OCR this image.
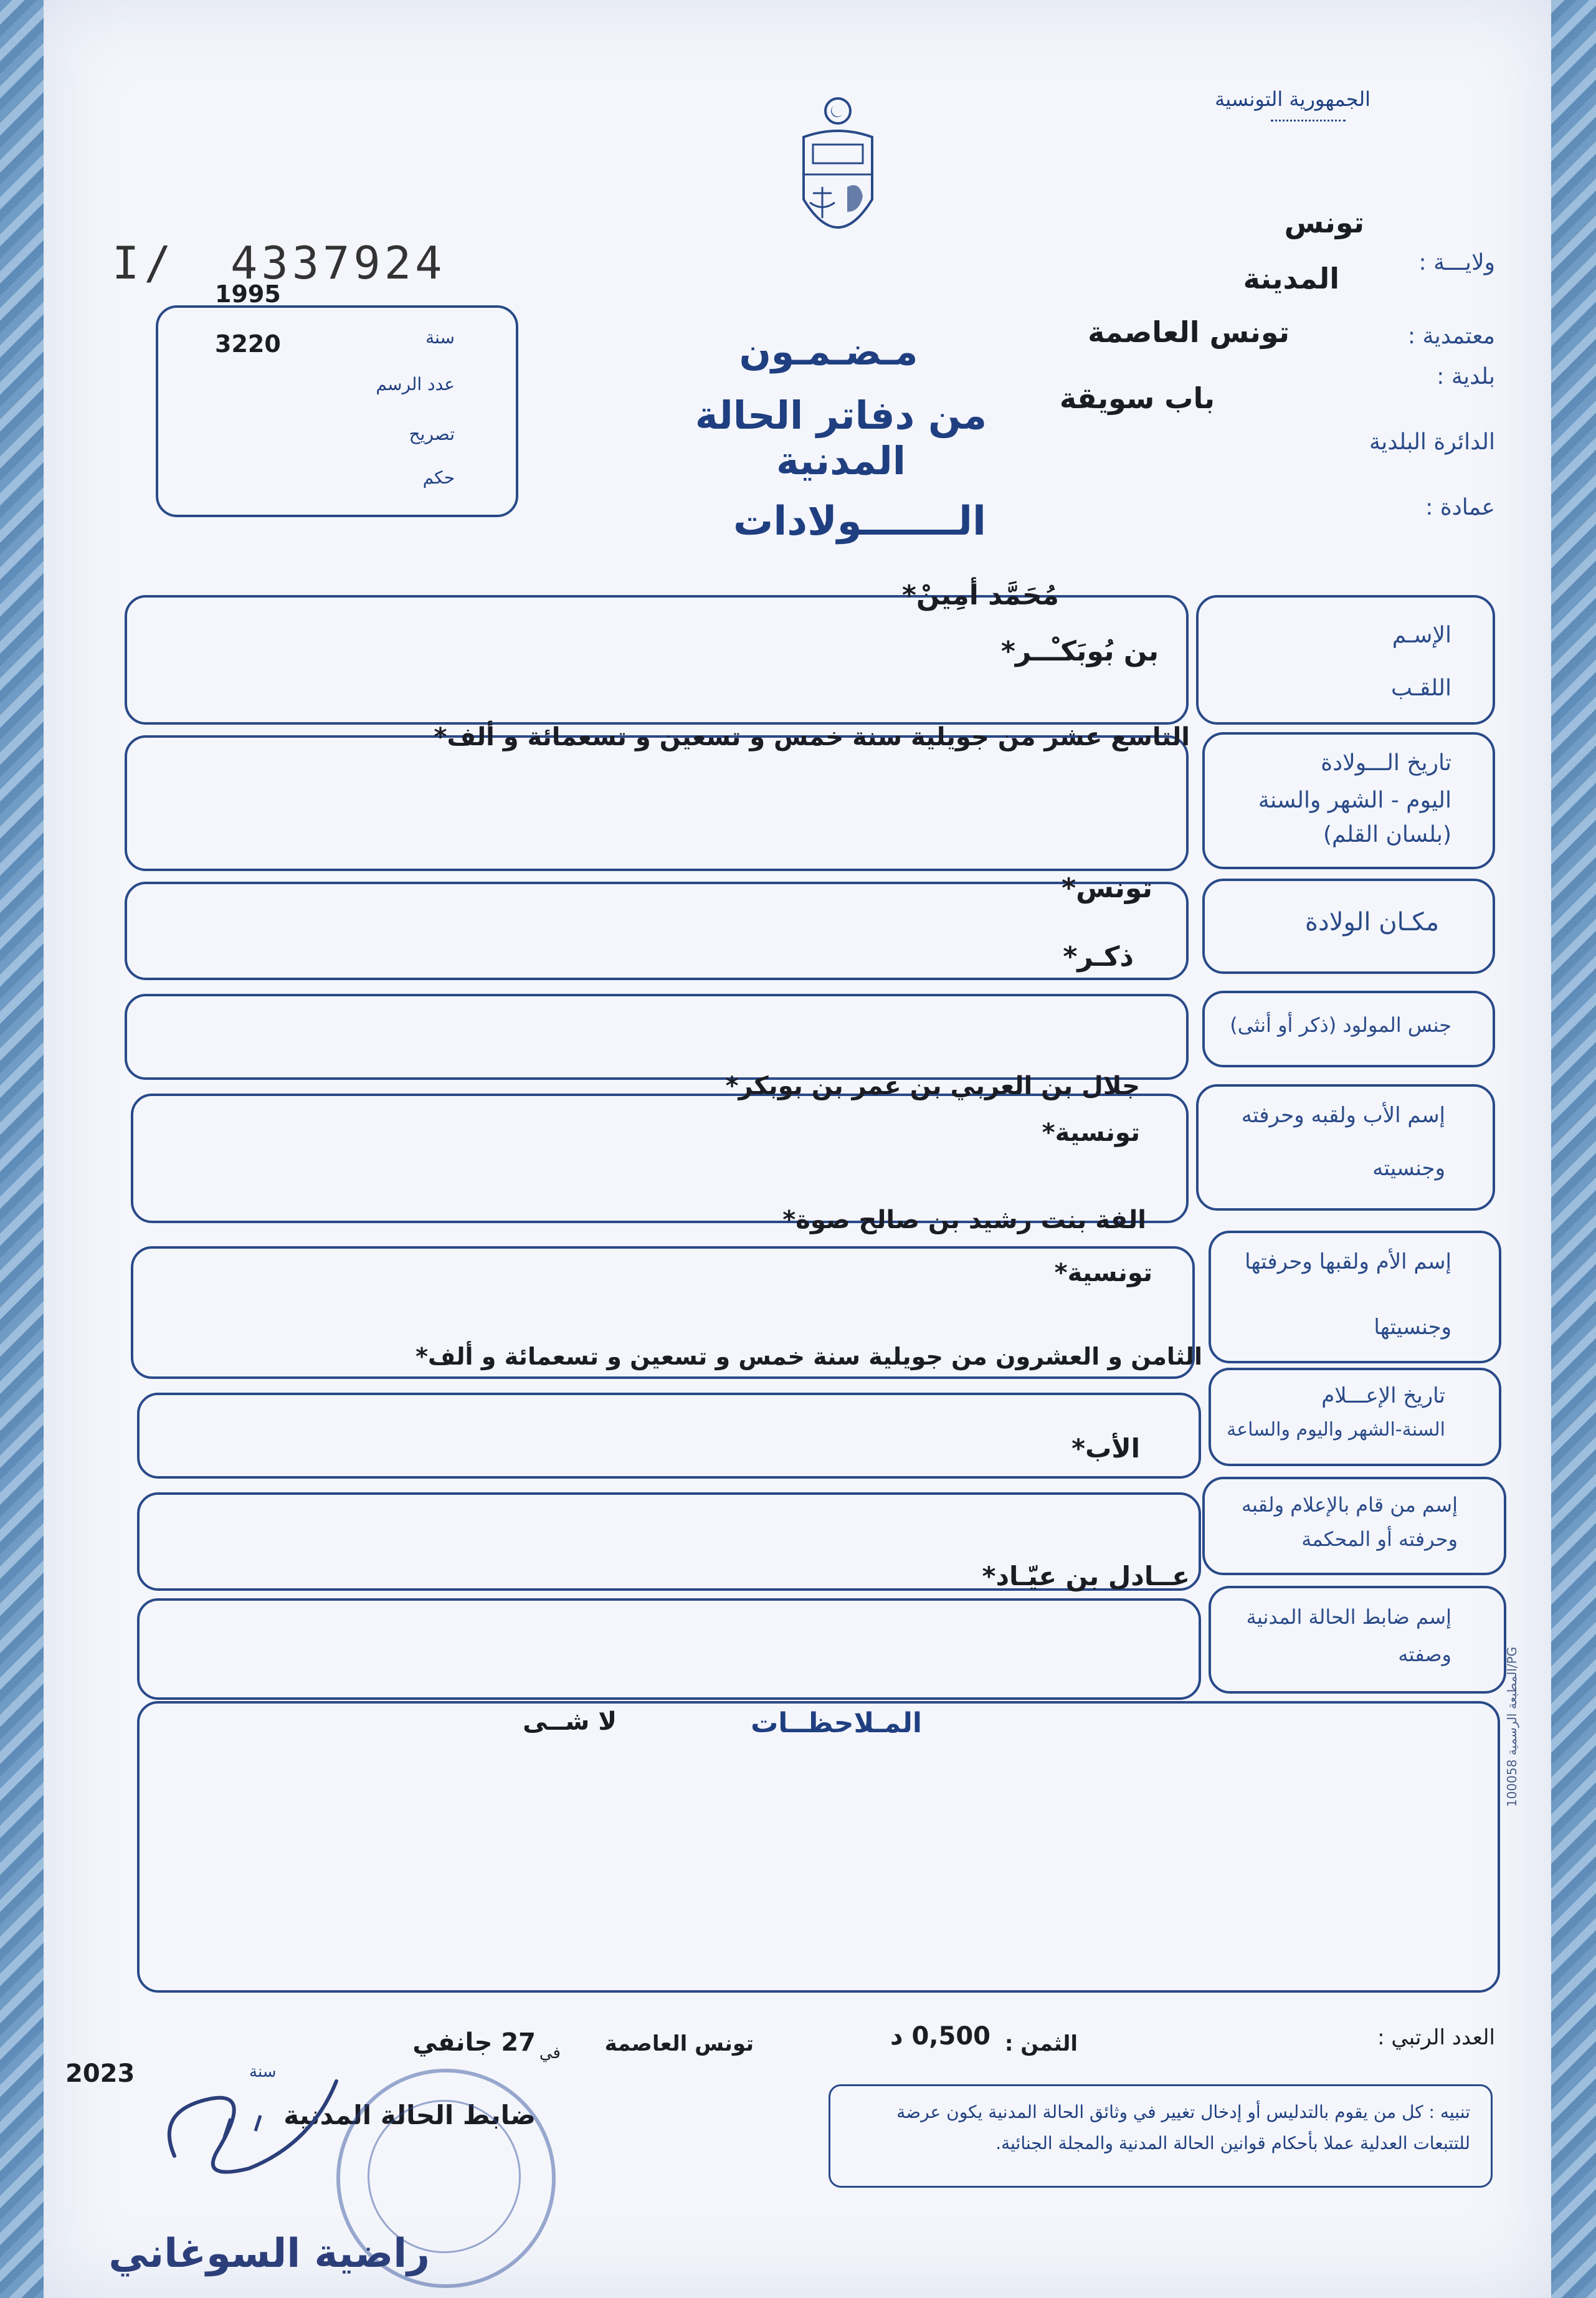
الجمهورية التونسية
I/ 4337924
1995
3220	سنة
عدد الرسم
تصريح
حكم
مـضـمـون
من دفاتر الحالة المدنية
الـــــــولادات
ولايـــة :
تونس
المدينة
معتمدية :
تونس العاصمة
بلدية :
باب سويقة
الدائرة البلدية
عمادة :
الإسـم
اللقـب
مُحَمَّد أمِينْ*
بن بُوبَكـْــر*
تاريخ الـــولادة
اليوم - الشهر والسنة
(بلسان القلم)
التاسع عشر من جويلية سنة خمس و تسعين و تسعمائة و ألف*
مكـان الولادة
تونس*
ذكـر*
جنس المولود (ذكر أو أنثى)
إسم الأب ولقبه وحرفته
وجنسيته
جلال بن العربي بن عمر بن بوبكر*
تونسية*
إسم الأم ولقبها وحرفتها
وجنسيتها
الفة بنت رشيد بن صالح صوة*
تونسية*
تاريخ الإعـــلام
السنة-الشهر واليوم والساعة
الثامن و العشرون من جويلية سنة خمس و تسعين و تسعمائة و ألف*
الأب*
إسم من قام بالإعلام ولقبه
وحرفته أو المحكمة
عــادل بن عيّـاد*
إسم ضابط الحالة المدنية
وصفته
المـلاحظــات
لا شــى
المطبعة الرسمية 100058/PG
العدد الرتبي :
الثمن :
0,500 د
تونس العاصمة
في
27 جانفي
سنة
2023
ضابط الحالة المدنية	تنبيه : كل من يقوم بالتدليس أو إدخال تغيير في وثائق الحالة المدنية يكون عرضة للتتبعات العدلية عملا بأحكام قوانين الحالة المدنية والمجلة الجنائية.
راضية السوغاني
